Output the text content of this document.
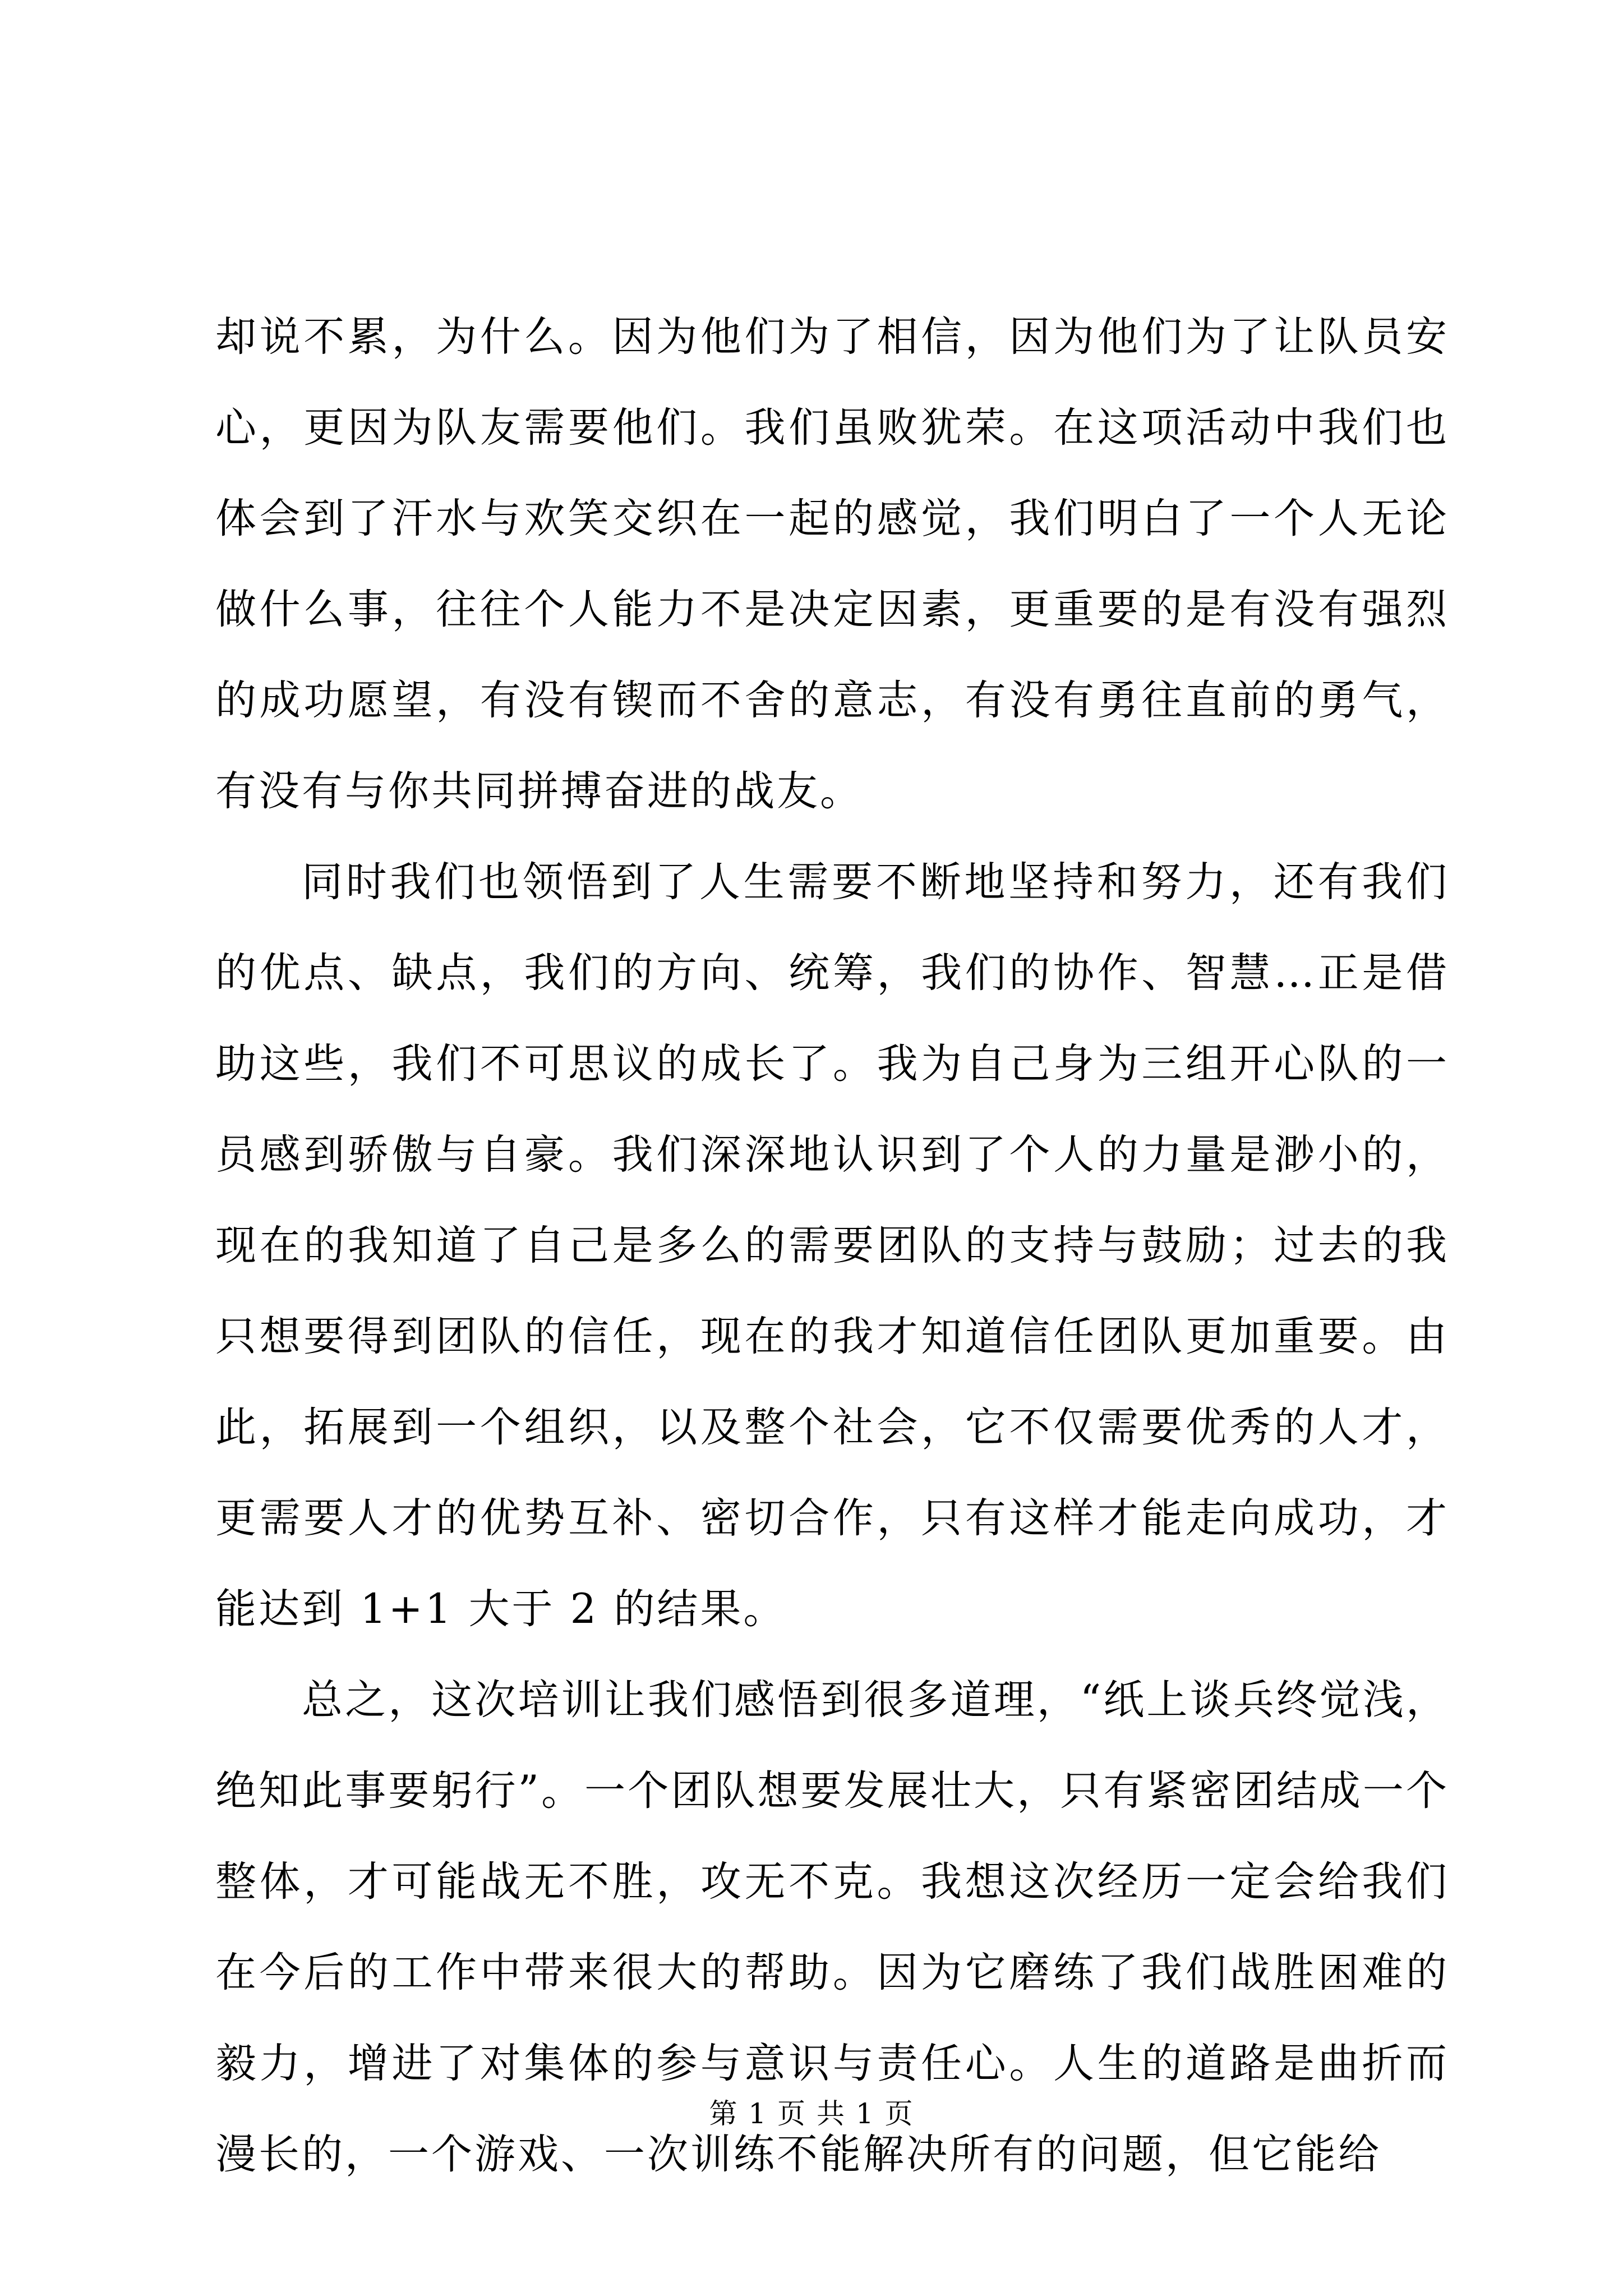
却说不累，为什么。因为他们为了相信，因为他们为了让队员安心，更因为队友需要他们。我们虽败犹荣。在这项活动中我们也体会到了汗水与欢笑交织在一起的感觉，我们明白了一个人无论做什么事，往往个人能力不是决定因素，更重要的是有没有强烈的成功愿望，有没有锲而不舍的意志，有没有勇往直前的勇气，有没有与你共同拼搏奋进的战友。

同时我们也领悟到了人生需要不断地坚持和努力，还有我们的优点、缺点，我们的方向、统筹，我们的协作、智慧…正是借助这些，我们不可思议的成长了。我为自己身为三组开心队的一员感到骄傲与自豪。我们深深地认识到了个人的力量是渺小的，现在的我知道了自己是多么的需要团队的支持与鼓励；过去的我只想要得到团队的信任，现在的我才知道信任团队更加重要。由此，拓展到一个组织，以及整个社会，它不仅需要优秀的人才，更需要人才的优势互补、密切合作，只有这样才能走向成功，才能达到 1+1 大于 2 的结果。

总之，这次培训让我们感悟到很多道理，“纸上谈兵终觉浅，绝知此事要躬行”。一个团队想要发展壮大，只有紧密团结成一个整体，才可能战无不胜，攻无不克。我想这次经历一定会给我们在今后的工作中带来很大的帮助。因为它磨练了我们战胜困难的毅力，增进了对集体的参与意识与责任心。人生的道路是曲折而漫长的，一个游戏、一次训练不能解决所有的问题，但它能给

第 1 页 共 1 页
